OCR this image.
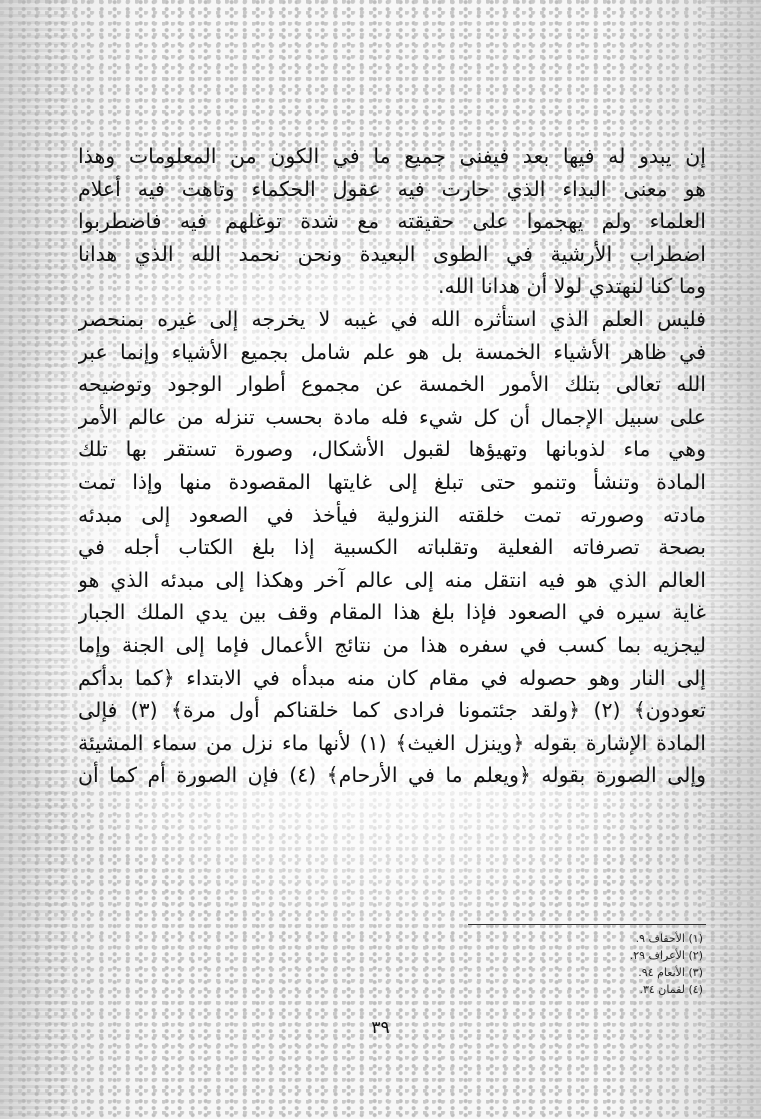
إن يبدو له فيها بعد فيفنى جميع ما في الكون من المعلومات وهذا
هو معنى البداء الذي حارت فيه عقول الحكماء وتاهت فيه أعلام
العلماء ولم يهجموا على حقيقته مع شدة توغلهم فيه فاضطربوا
اضطراب الأرشية في الطوى البعيدة ونحن نحمد الله الذي هدانا
وما كنا لنهتدي لولا أن هدانا الله.
فليس العلم الذي استأثره الله في غيبه لا يخرجه إلى غيره بمنحصر
في ظاهر الأشياء الخمسة بل هو علم شامل بجميع الأشياء وإنما عبر
الله تعالى بتلك الأمور الخمسة عن مجموع أطوار الوجود وتوضيحه
على سبيل الإجمال أن كل شيء فله مادة بحسب تنزله من عالم الأمر
وهي ماء لذوبانها وتهيؤها لقبول الأشكال، وصورة تستقر بها تلك
المادة وتنشأ وتنمو حتى تبلغ إلى غايتها المقصودة منها وإذا تمت
مادته وصورته تمت خلقته النزولية فيأخذ في الصعود إلى مبدئه
بصحة تصرفاته الفعلية وتقلباته الكسبية إذا بلغ الكتاب أجله في
العالم الذي هو فيه انتقل منه إلى عالم آخر وهكذا إلى مبدئه الذي هو
غاية سيره في الصعود فإذا بلغ هذا المقام وقف بين يدي الملك الجبار
ليجزيه بما كسب في سفره هذا من نتائج الأعمال فإما إلى الجنة وإما
إلى النار وهو حصوله في مقام كان منه مبدأه في الابتداء ﴿كما بدأكم
تعودون﴾ (٢) ﴿ولقد جئتمونا فرادى كما خلقناكم أول مرة﴾ (٣) فإلى
المادة الإشارة بقوله ﴿وينزل الغيث﴾ (١) لأنها ماء نزل من سماء المشيئة
وإلى الصورة بقوله ﴿ويعلم ما في الأرحام﴾ (٤) فإن الصورة أم كما أن
(١) الأحقاف ٩.
(٢) الأعراف ٢٩.
(٣) الأنعام ٩٤.
(٤) لقمان ٣٤.
٣٩
